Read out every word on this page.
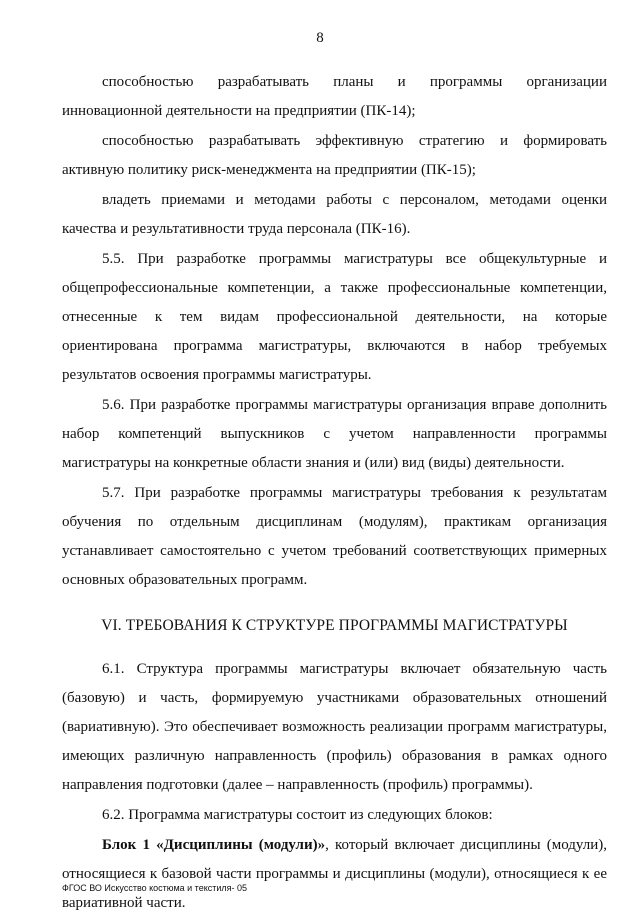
8

способностью разрабатывать планы и программы организации инновационной деятельности на предприятии (ПК-14);

способностью разрабатывать эффективную стратегию и формировать активную политику риск-менеджмента на предприятии (ПК-15);

владеть приемами и методами работы с персоналом, методами оценки качества и результативности труда персонала (ПК-16).

5.5. При разработке программы магистратуры все общекультурные и общепрофессиональные компетенции, а также профессиональные компетенции, отнесенные к тем видам профессиональной деятельности, на которые ориентирована программа магистратуры, включаются в набор требуемых результатов освоения программы магистратуры.

5.6. При разработке программы магистратуры организация вправе дополнить набор компетенций выпускников с учетом направленности программы магистратуры на конкретные области знания и (или) вид (виды) деятельности.

5.7. При разработке программы магистратуры требования к результатам обучения по отдельным дисциплинам (модулям), практикам организация устанавливает самостоятельно с учетом требований соответствующих примерных основных образовательных программ.

VI. ТРЕБОВАНИЯ К СТРУКТУРЕ ПРОГРАММЫ МАГИСТРАТУРЫ

6.1. Структура программы магистратуры включает обязательную часть (базовую) и часть, формируемую участниками образовательных отношений (вариативную). Это обеспечивает возможность реализации программ магистратуры, имеющих различную направленность (профиль) образования в рамках одного направления подготовки (далее – направленность (профиль) программы).

6.2. Программа магистратуры состоит из следующих блоков:

Блок 1 «Дисциплины (модули)», который включает дисциплины (модули), относящиеся к базовой части программы и дисциплины (модули), относящиеся к ее вариативной части.

ФГОС ВО Искусство костюма и текстиля- 05
